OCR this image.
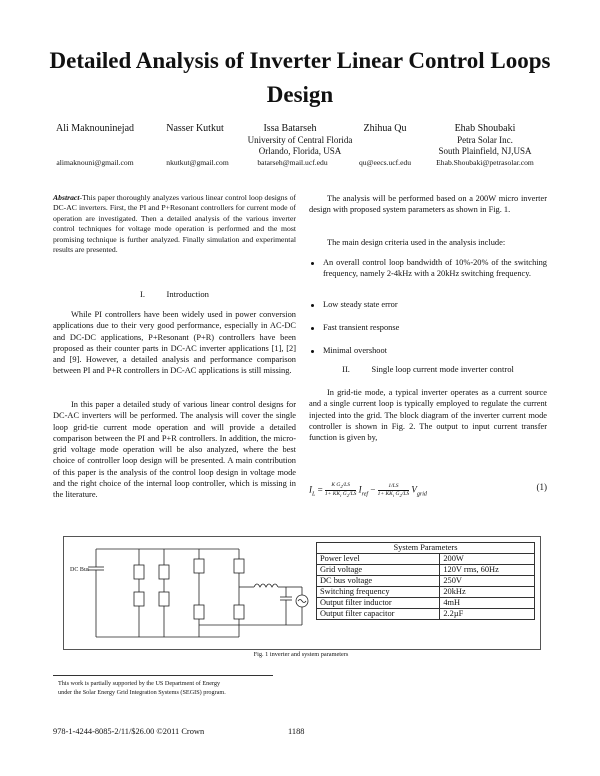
Detailed Analysis of Inverter Linear Control Loops Design
Ali Maknouninejad	Nasser Kutkut	Issa Batarseh	Zhihua Qu	Ehab Shoubaki
University of Central Florida
Orlando, Florida, USA
Petra Solar Inc.
South Plainfield, NJ,USA
alimaknouni@gmail.com	nkutkut@gmail.com	batarseh@mail.ucf.edu	qu@eecs.ucf.edu	Ehab.Shoubaki@petrasolar.com

Abstract-This paper thoroughly analyzes various linear control loop designs of DC-AC inverters. First, the PI and P+Resonant controllers for current mode of operation are investigated. Then a detailed analysis of the various inverter control techniques for voltage mode operation is performed and the most promising technique is further analyzed. Finally simulation and experimental results are presented.

I.          Introduction

While PI controllers have been widely used in power conversion applications due to their very good performance, especially in AC-DC and DC-DC applications, P+Resonant (P+R) controllers have been proposed as their counter parts in DC-AC inverter applications [1], [2] and [9]. However, a detailed analysis and performance comparison between PI and P+R controllers in DC-AC applications is still missing.

In this paper a detailed study of various linear control designs for DC-AC inverters will be performed. The analysis will cover the single loop grid-tie current mode operation and will provide a detailed comparison between the PI and P+R controllers. In addition, the micro-grid voltage mode operation will be also analyzed, where the best choice of controller loop design will be presented. A main contribution of this paper is the analysis of the control loop design in voltage mode and the right choice of the internal loop controller, which is missing in the literature.

The analysis will be performed based on a 200W micro inverter design with proposed system parameters as shown in Fig. 1.

The main design criteria used in the analysis include:

An overall control loop bandwidth of 10%-20% of the switching frequency, namely 2-4kHz with a 20kHz switching frequency.
Low steady state error
Fast transient response
Minimal overshoot
II.          Single loop current mode inverter control

In grid-tie mode, a typical inverter operates as a current source and a single current loop is typically employed to regulate the current injected into the grid. The block diagram of the inverter current mode controller is shown in Fig. 2. The output to input current transfer function is given by,

$I_L = \frac{K G_2/LS}{1+ KK_i G_2/LS} I_{ref} - \frac{1/LS}{1+ KK_i G_2/LS} V_{grid}$
(1)
DC Bus
System Parameters	
Power level	200W
Grid voltage	120V rms, 60Hz
DC bus voltage	250V
Switching frequency	20kHz
Output filter inductor	4mH
Output filter capacitor	2.2µF
Fig. 1 inverter and system parameters
This work is partially supported by the US Department of Energy
under the Solar Energy Grid Integration Systems (SEGIS) program.
978-1-4244-8085-2/11/$26.00 ©2011 Crown	1188
